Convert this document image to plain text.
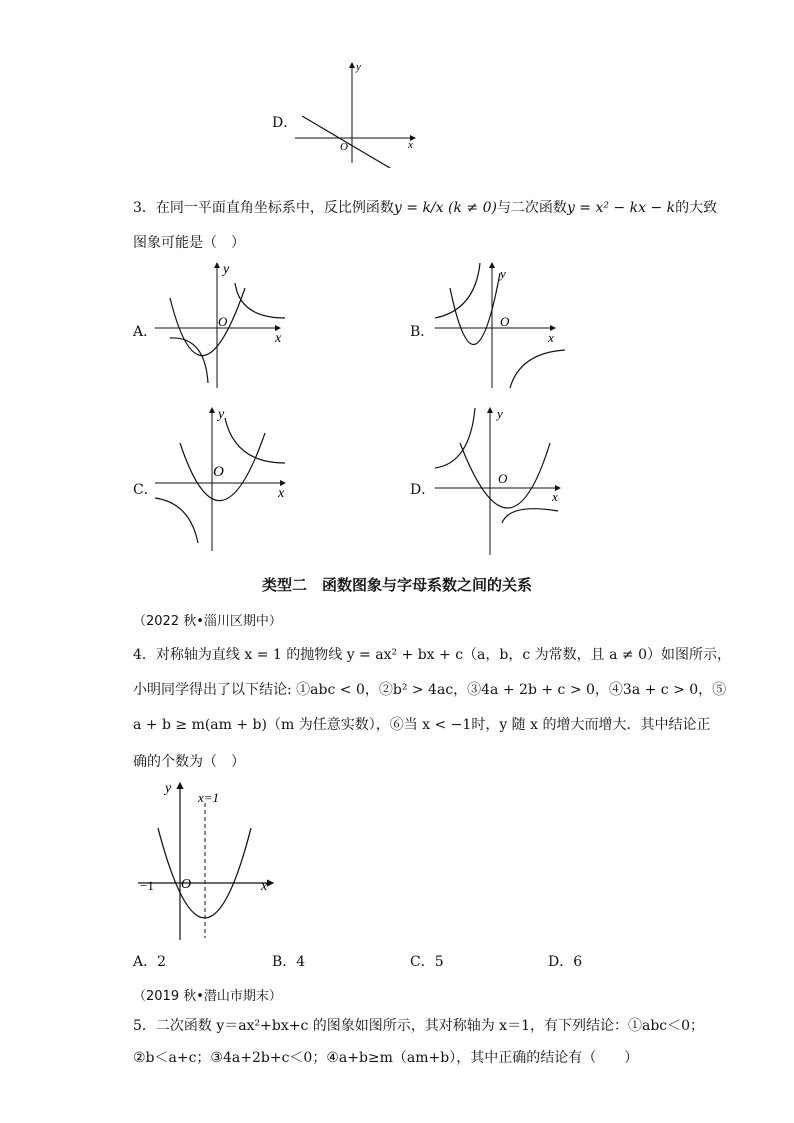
D．
y
x
O
3．在同一平面直角坐标系中，反比例函数y = k/x (k ≠ 0)与二次函数y = x² − kx − k的大致
图象可能是（　）
A．
y
x
O
B．
y
x
O
C．
y
x
O
D．
y
x
O
类型二　函数图象与字母系数之间的关系
（2022 秋•淄川区期中）
4．对称轴为直线 x = 1 的抛物线 y = ax² + bx + c（a，b，c 为常数，且 a ≠ 0）如图所示，
小明同学得出了以下结论: ①abc < 0，②b² > 4ac，③4a + 2b + c > 0，④3a + c > 0，⑤
a + b ≥ m(am + b)（m 为任意实数），⑥当 x < −1时，y 随 x 的增大而增大．其中结论正
确的个数为（　）
y
x
O
x=1
−1
A．2	B．4	C．5	D．6
（2019 秋•潜山市期末）
5．二次函数 y＝ax²+bx+c 的图象如图所示，其对称轴为 x＝1，有下列结论：①abc＜0；
②b＜a+c；③4a+2b+c＜0；④a+b≥m（am+b），其中正确的结论有（　　）
